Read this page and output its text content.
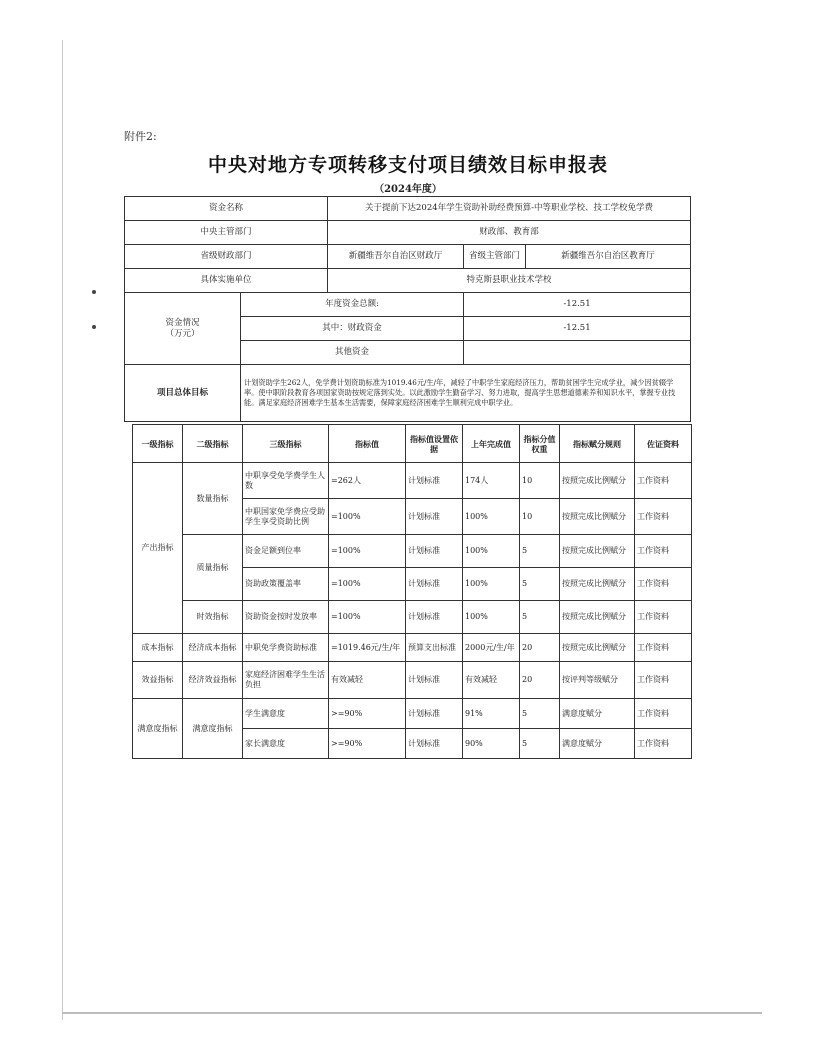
附件2:
中央对地方专项转移支付项目绩效目标申报表
（2024年度）
资金名称		关于提前下达2024年学生资助补助经费预算-中等职业学校、技工学校免学费		
中央主管部门		财政部、教育部		
省级财政部门		新疆维吾尔自治区财政厅	省级主管部门	新疆维吾尔自治区教育厅
具体实施单位		特克斯县职业技术学校		

资金情况
（万元）	年度资金总额:		-12.51	
	其中：财政资金		-12.51	
	其他资金			
项目总体目标	计划资助学生262人，免学费计划资助标准为1019.46元/生/年，减轻了中职学生家庭经济压力，帮助贫困学生完成学业，减少因贫辍学率。使中职阶段教育各项国家资助按规定落到实处。以此激励学生勤奋学习、努力进取，提高学生思想道德素养和知识水平，掌握专业技能。满足家庭经济困难学生基本生活需要，保障家庭经济困难学生顺利完成中职学业。			
一级指标	二级指标	三级指标	指标值	指标值设置依据	上年完成值	指标分值权重	指标赋分规则	佐证资料
产出指标	数量指标	中职享受免学费学生人数	=262人	计划标准	174人	10	按照完成比例赋分	工作资料
		中职国家免学费应受助学生享受资助比例	=100%	计划标准	100%	10	按照完成比例赋分	工作资料
	质量指标	资金足额到位率	=100%	计划标准	100%	5	按照完成比例赋分	工作资料
		资助政策覆盖率	=100%	计划标准	100%	5	按照完成比例赋分	工作资料
	时效指标	资助资金按时发放率	=100%	计划标准	100%	5	按照完成比例赋分	工作资料
成本指标	经济成本指标	中职免学费资助标准	=1019.46元/生/年	预算支出标准	2000元/生/年	20	按照完成比例赋分	工作资料
效益指标	经济效益指标	家庭经济困难学生生活负担	有效减轻	计划标准	有效减轻	20	按评判等级赋分	工作资料
满意度指标	满意度指标	学生满意度	>=90%	计划标准	91%	5	满意度赋分	工作资料
		家长满意度	>=90%	计划标准	90%	5	满意度赋分	工作资料
